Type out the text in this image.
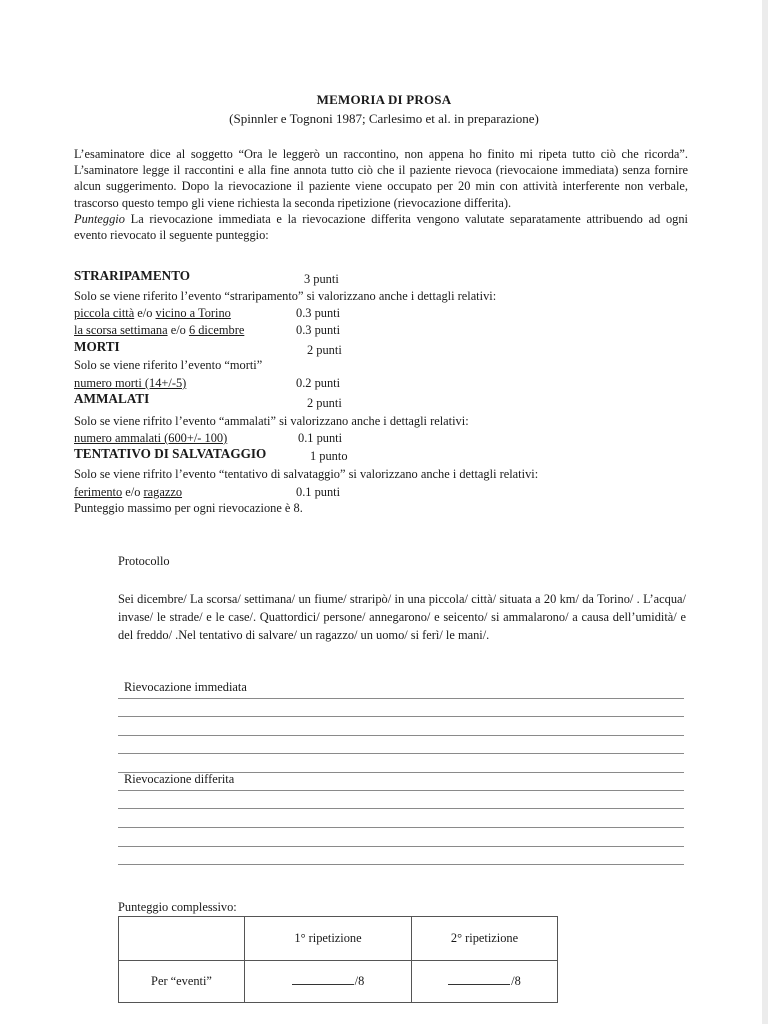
MEMORIA DI PROSA
(Spinnler e Tognoni 1987; Carlesimo et al. in preparazione)
L’esaminatore dice al soggetto “Ora le leggerò un raccontino, non appena ho finito mi ripeta tutto ciò che ricorda”. L’saminatore legge il raccontini e alla fine annota tutto ciò che il paziente rievoca (rievocaione immediata) senza fornire alcun suggerimento. Dopo la rievocazione il paziente viene occupato per 20 min con attività interferente non verbale, trascorso questo tempo gli viene richiesta la seconda ripetizione (rievocazione differita).
Punteggio La rievocazione immediata e la rievocazione differita vengono valutate separatamente attribuendo ad ogni evento rievocato il seguente punteggio:
STRARIPAMENTO	3 punti
Solo se viene riferito l’evento “straripamento” si valorizzano anche i dettagli relativi:
piccola città e/o vicino a Torino	0.3 punti
la scorsa settimana e/o 6 dicembre	0.3 punti
MORTI	2 punti
Solo se viene riferito l’evento “morti”
numero morti (14+/-5)	0.2 punti
AMMALATI	2 punti
Solo se viene rifrito l’evento “ammalati” si valorizzano anche i dettagli relativi:
numero ammalati (600+/- 100)	0.1 punti
TENTATIVO DI SALVATAGGIO	1 punto
Solo se viene rifrito l’evento “tentativo di salvataggio” si valorizzano anche i dettagli relativi:
ferimento e/o ragazzo	0.1 punti
Punteggio massimo per ogni rievocazione è 8.
Protocollo
Sei dicembre/ La scorsa/ settimana/ un fiume/ straripò/ in una piccola/ città/ situata a 20 km/ da Torino/ . L’acqua/ invase/ le strade/ e le case/. Quattordici/ persone/ annegarono/ e seicento/ si ammalarono/ a causa dell’umidità/ e del freddo/ .Nel tentativo di salvare/ un ragazzo/ un uomo/ si ferì/ le mani/.
Rievocazione immediata
Rievocazione differita
Punteggio complessivo:
	1° ripetizione	2° ripetizione
Per “eventi”	/8	/8
